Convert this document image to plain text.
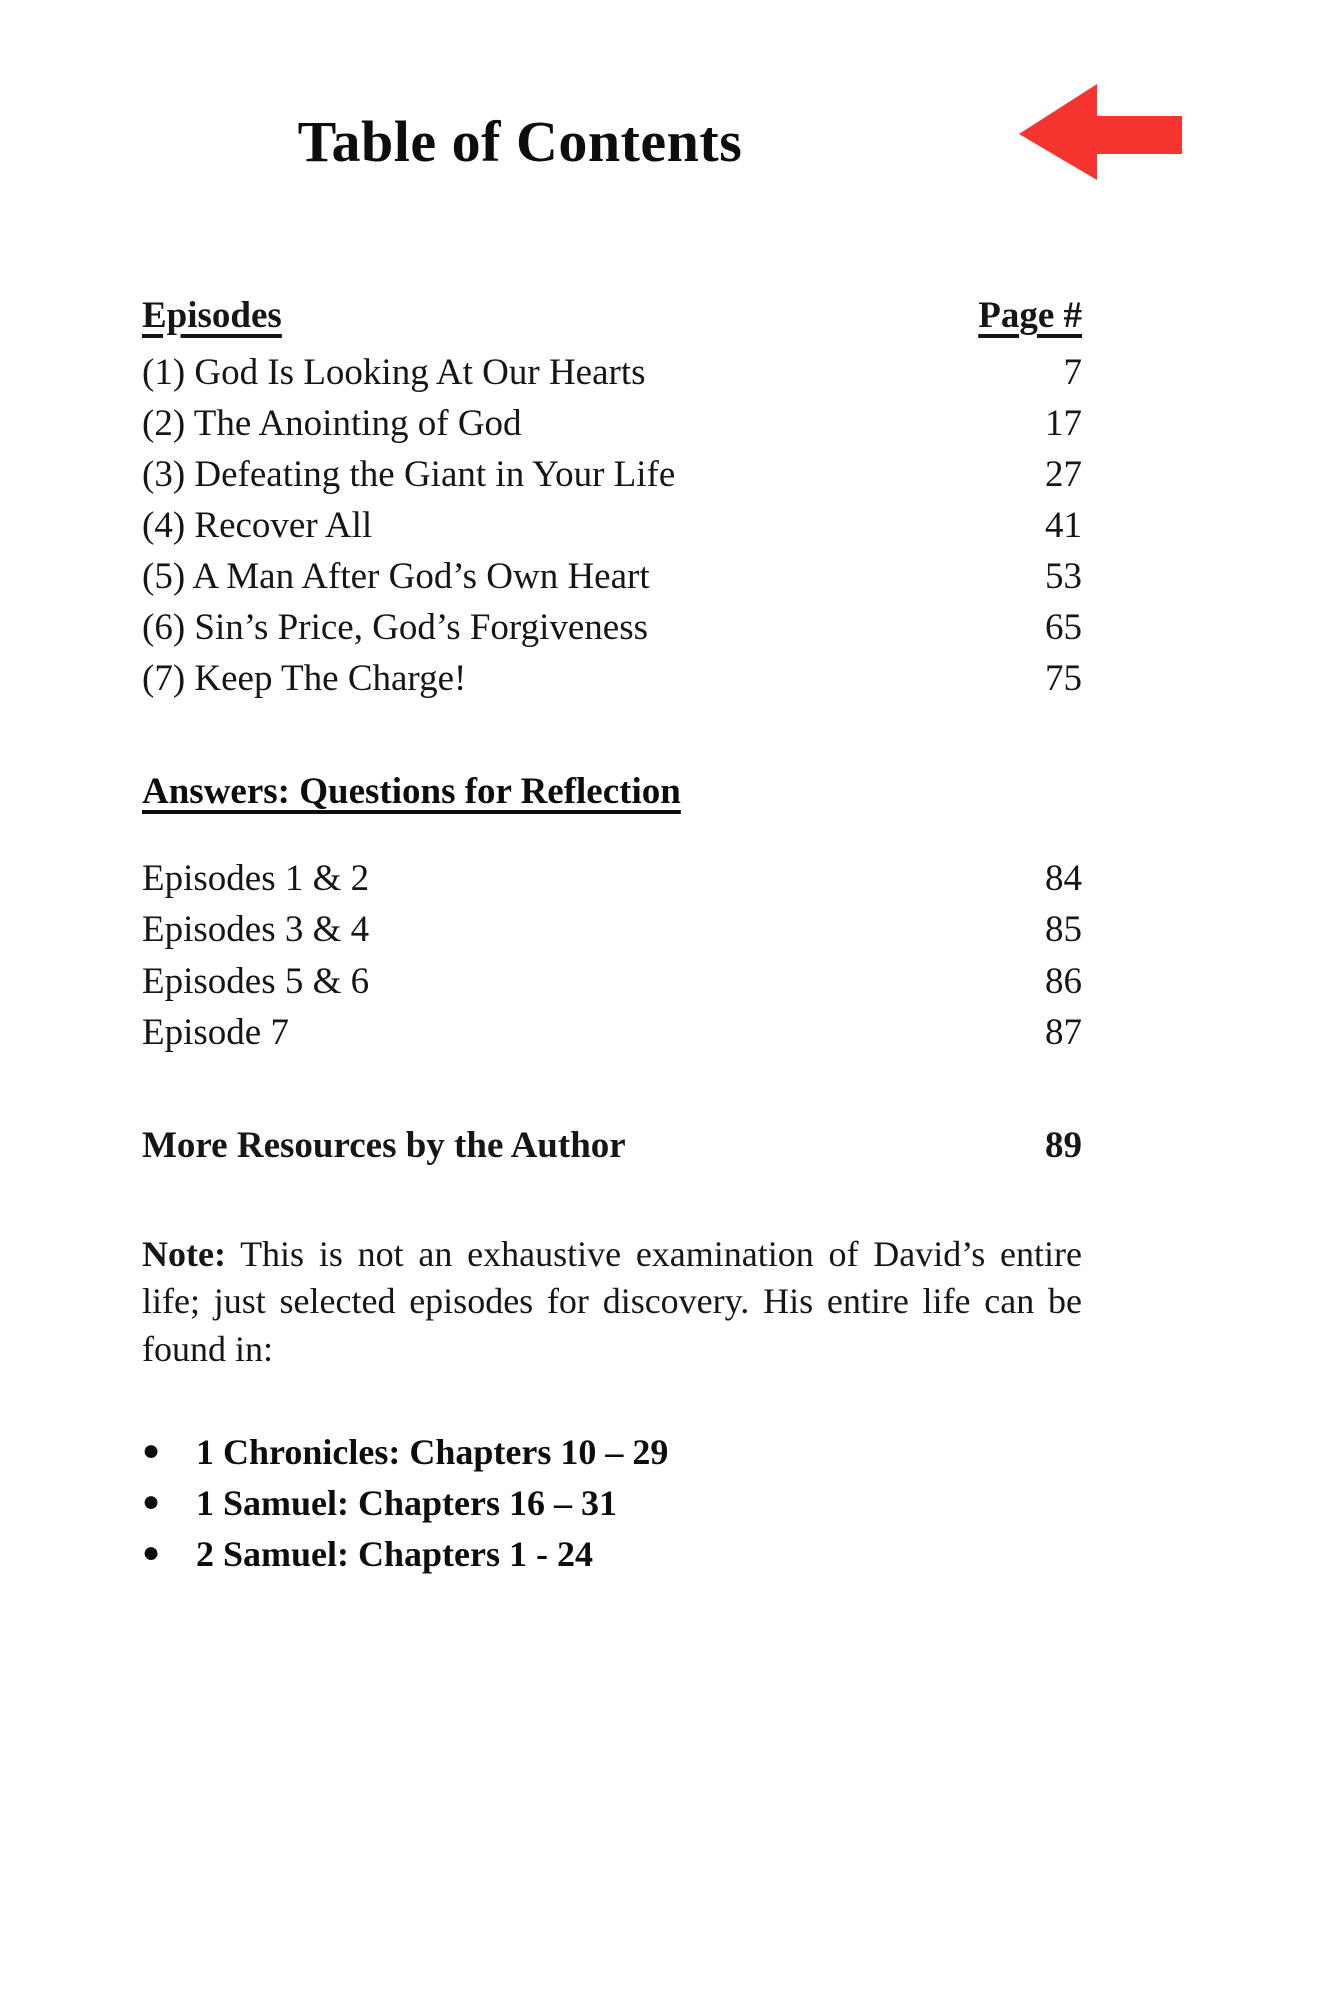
Table of Contents
Episodes	Page #
(1) God Is Looking At Our Hearts	7
(2) The Anointing of God	17
(3) Defeating the Giant in Your Life	27
(4) Recover All	41
(5) A Man After God’s Own Heart	53
(6) Sin’s Price, God’s Forgiveness	65
(7) Keep The Charge!	75
Answers: Questions for Reflection
Episodes 1 & 2	84
Episodes 3 & 4	85
Episodes 5 & 6	86
Episode 7	87
More Resources by the Author	89

Note: This is not an exhaustive examination of David’s entire life; just selected episodes for discovery. His entire life can be found in:

● 1 Chronicles: Chapters 10 – 29
● 1 Samuel: Chapters 16 – 31
● 2 Samuel: Chapters 1 - 24
